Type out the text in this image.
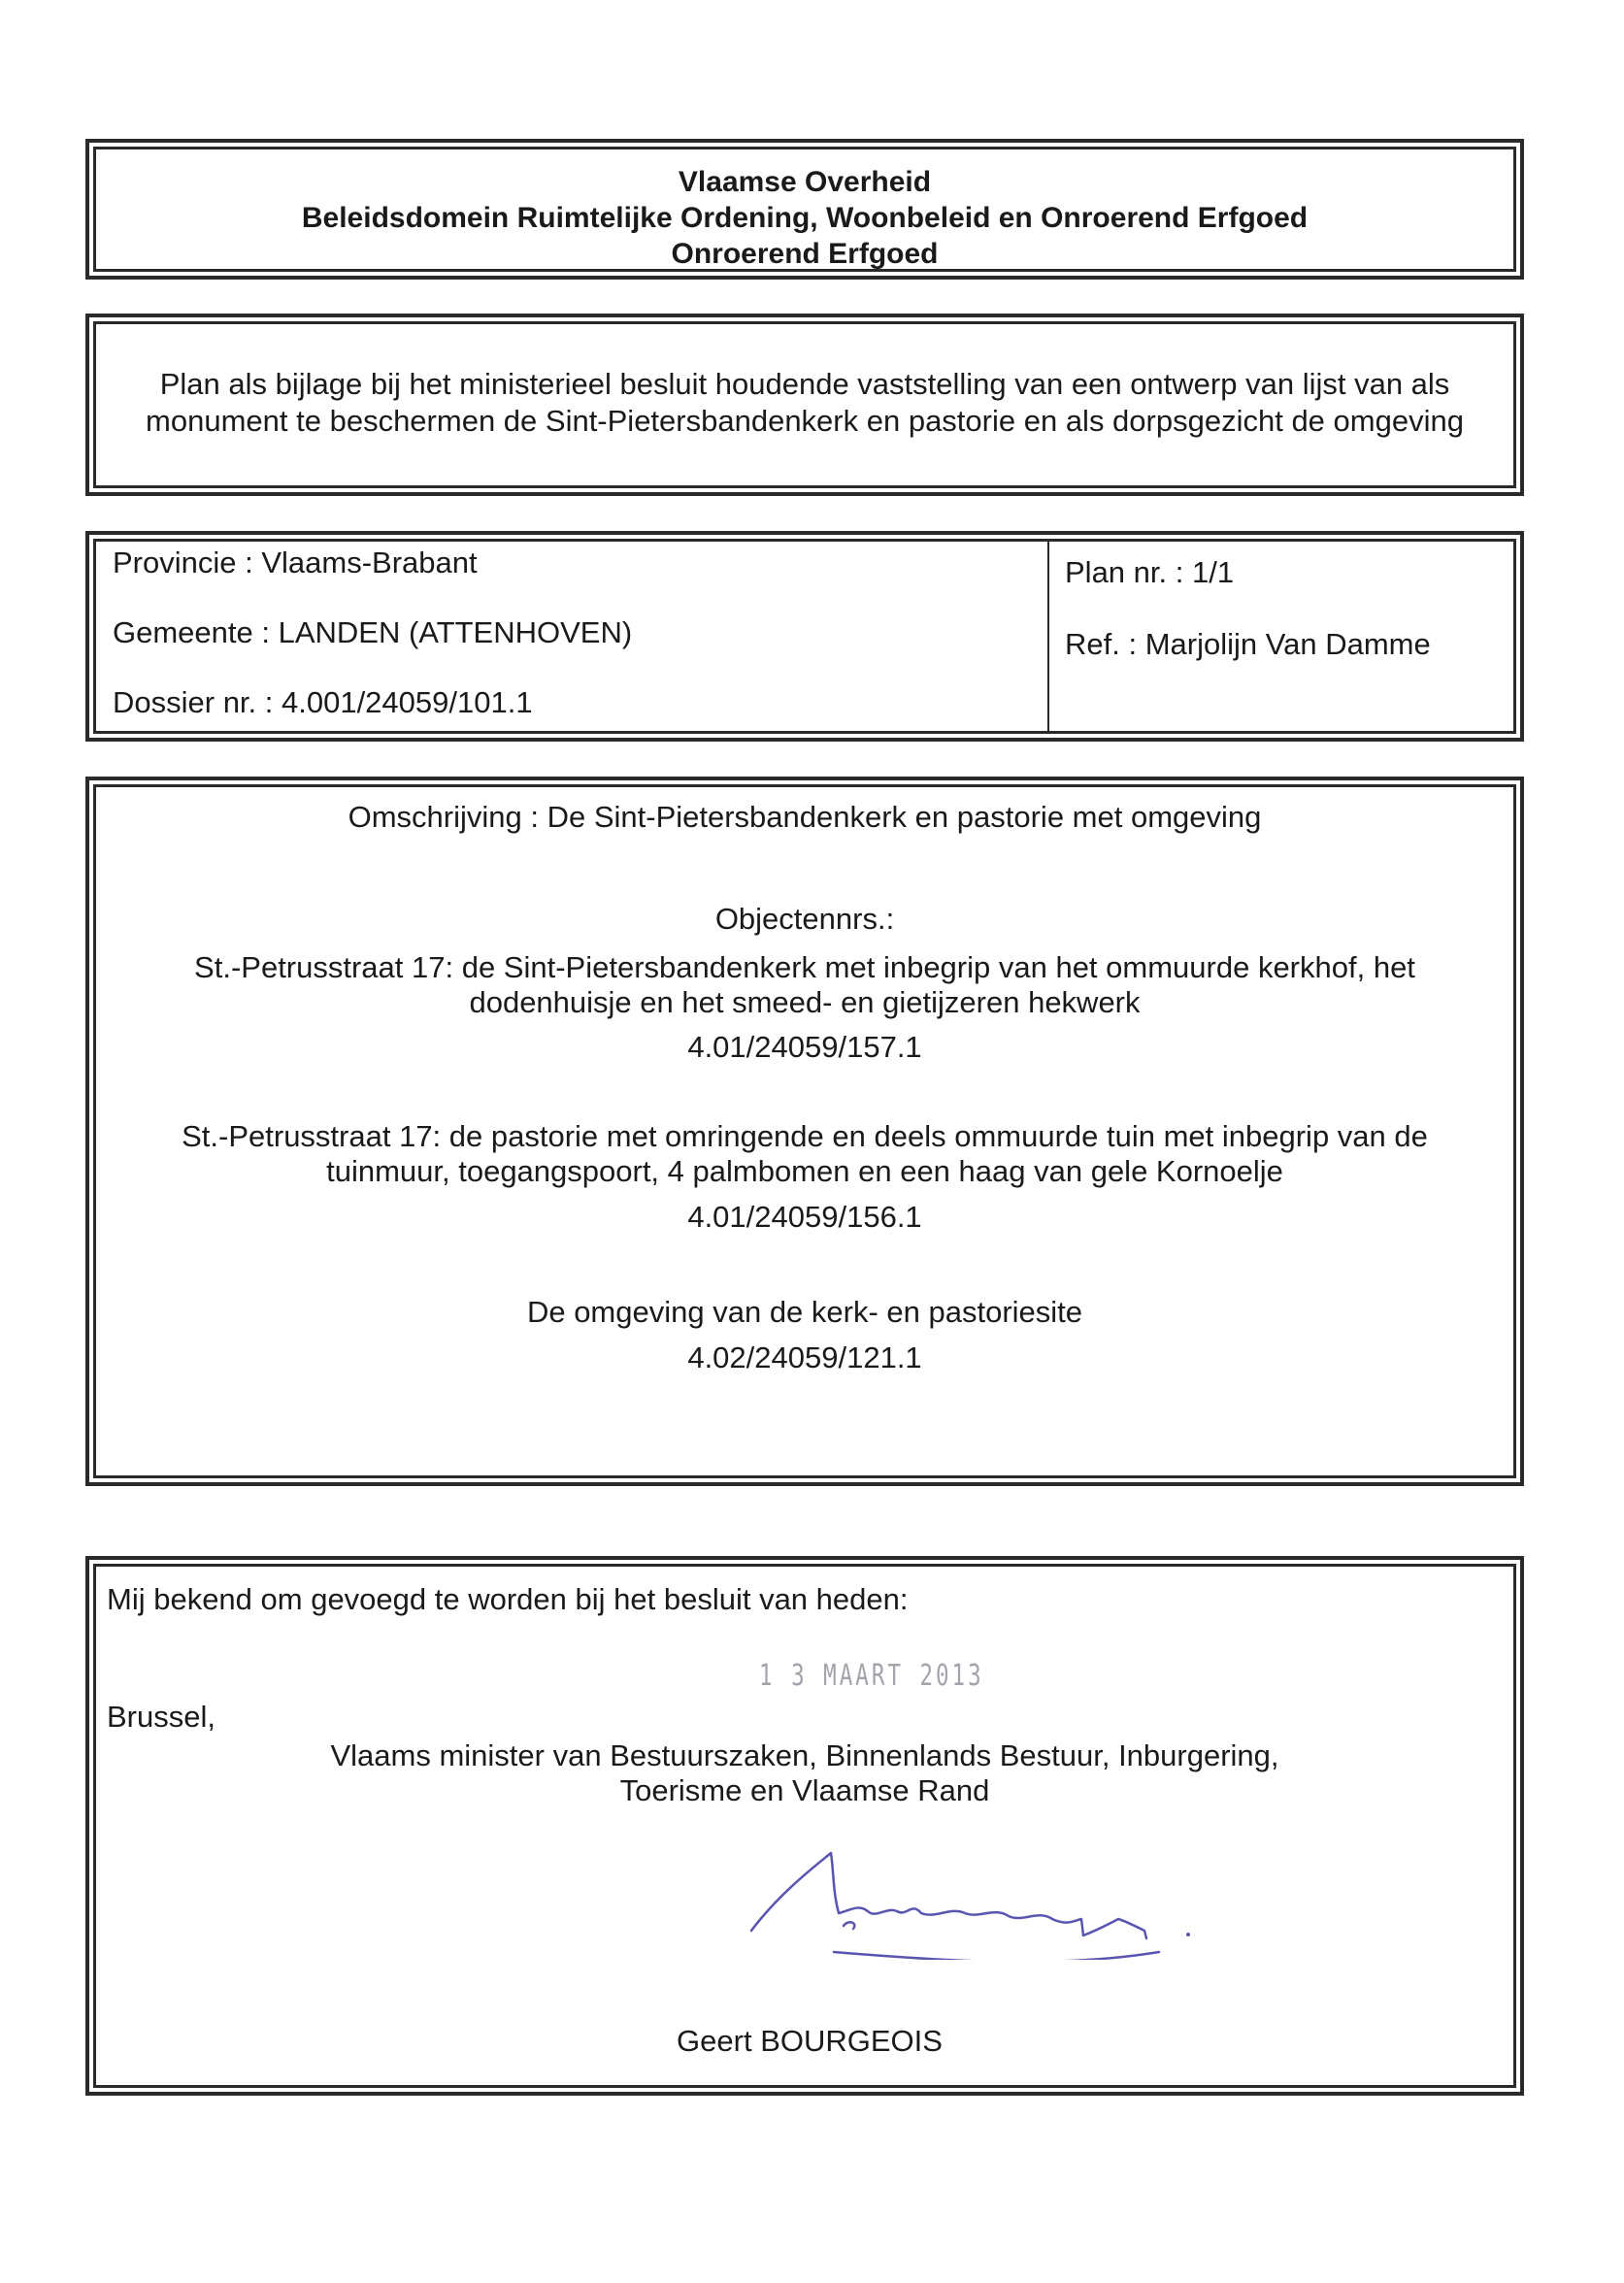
Vlaamse Overheid
Beleidsdomein Ruimtelijke Ordening, Woonbeleid en Onroerend Erfgoed
Onroerend Erfgoed
Plan als bijlage bij het ministerieel besluit houdende vaststelling van een ontwerp van lijst van als
monument te beschermen de Sint-Pietersbandenkerk en pastorie en als dorpsgezicht de omgeving
Provincie : Vlaams-Brabant
Gemeente : LANDEN (ATTENHOVEN)
Dossier nr. : 4.001/24059/101.1
Plan nr. : 1/1
Ref. : Marjolijn Van Damme
Omschrijving : De Sint-Pietersbandenkerk en pastorie met omgeving
Objectennrs.:
St.-Petrusstraat 17: de Sint-Pietersbandenkerk met inbegrip van het ommuurde kerkhof, het
dodenhuisje en het smeed- en gietijzeren hekwerk
4.01/24059/157.1
St.-Petrusstraat 17: de pastorie met omringende en deels ommuurde tuin met inbegrip van de
tuinmuur, toegangspoort, 4 palmbomen en een haag van gele Kornoelje
4.01/24059/156.1
De omgeving van de kerk- en pastoriesite
4.02/24059/121.1
Mij bekend om gevoegd te worden bij het besluit van heden:
1 3 MAART 2013
Brussel,
Vlaams minister van Bestuurszaken, Binnenlands Bestuur, Inburgering,
Toerisme en Vlaamse Rand
Geert BOURGEOIS
